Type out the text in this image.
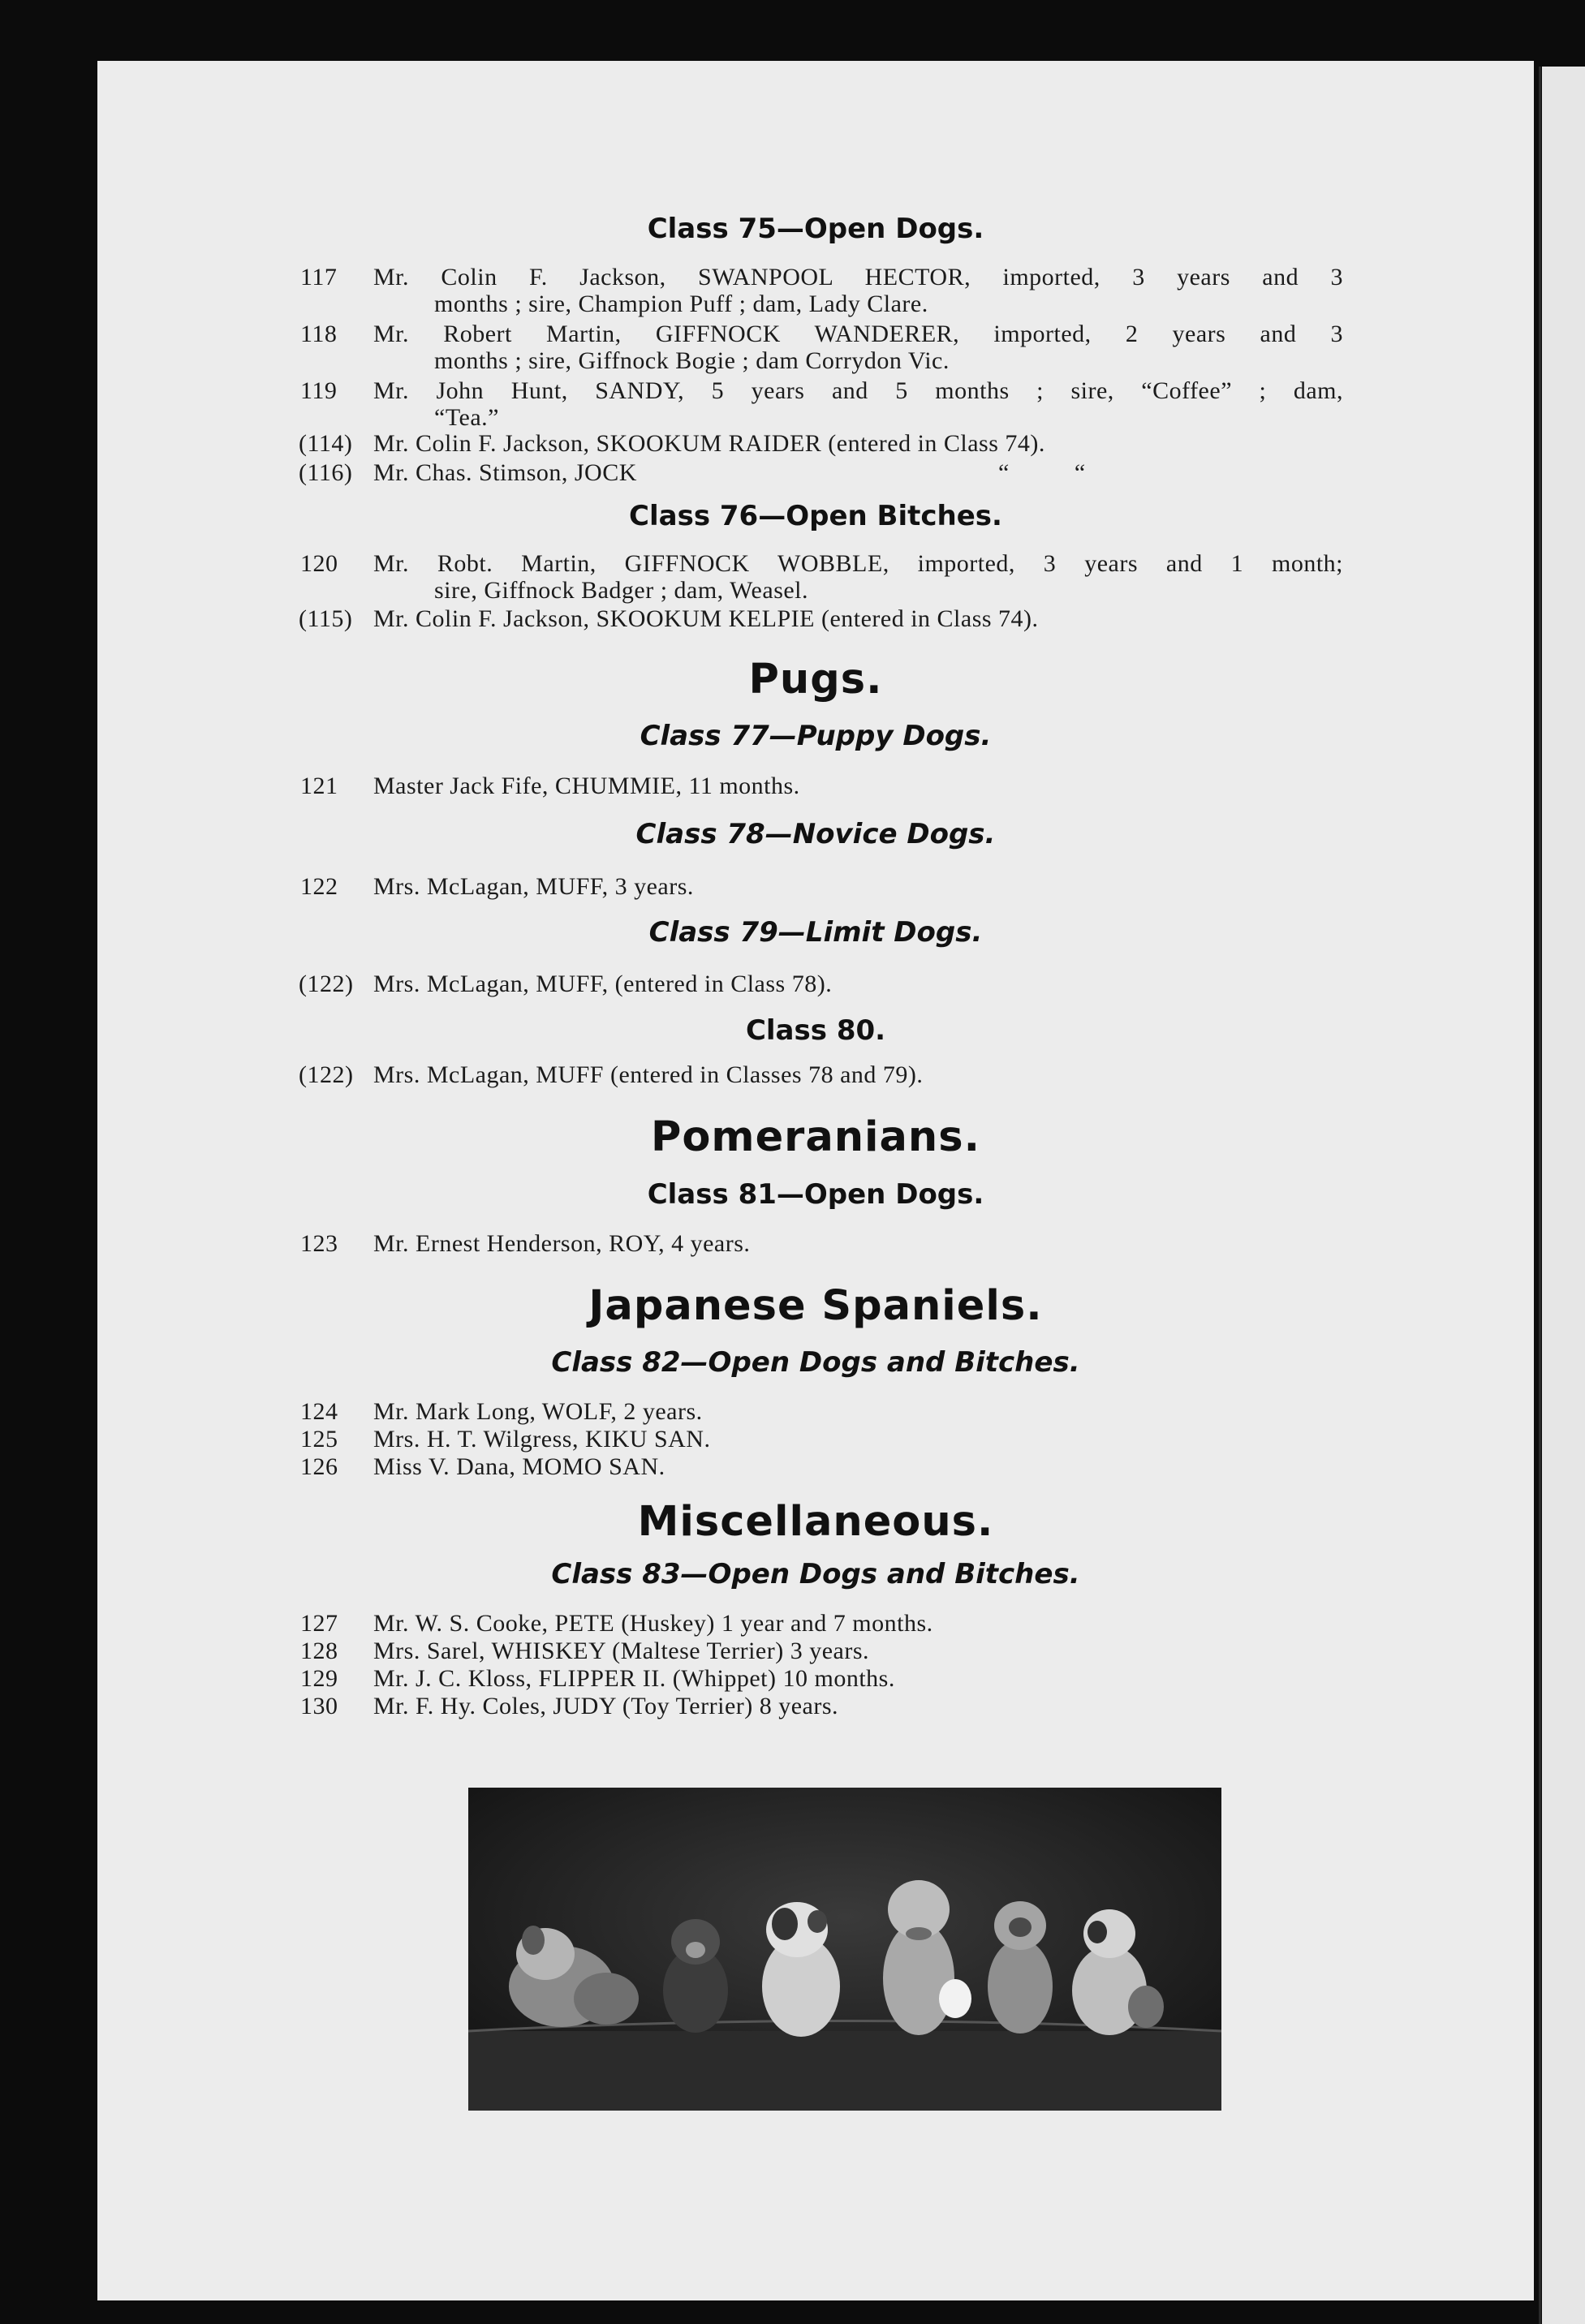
Class 75—Open Dogs.
117 Mr. Colin F. Jackson, SWANPOOL HECTOR, imported, 3 years and 3
months ; sire, Champion Puff ; dam, Lady Clare.
118 Mr. Robert Martin, GIFFNOCK WANDERER, imported, 2 years and 3
months ; sire, Giffnock Bogie ; dam Corrydon Vic.
119 Mr. John Hunt, SANDY, 5 years and 5 months ; sire, “Coffee” ; dam,
“Tea.”
(114) Mr. Colin F. Jackson, SKOOKUM RAIDER (entered in Class 74).
(116) Mr. Chas. Stimson, JOCK	“          “
Class 76—Open Bitches.
120 Mr. Robt. Martin, GIFFNOCK WOBBLE, imported, 3 years and 1 month;
sire, Giffnock Badger ; dam, Weasel.
(115) Mr. Colin F. Jackson, SKOOKUM KELPIE (entered in Class 74).
Pugs.
Class 77—Puppy Dogs.
121 Master Jack Fife, CHUMMIE, 11 months.
Class 78—Novice Dogs.
122 Mrs. McLagan, MUFF, 3 years.
Class 79—Limit Dogs.
(122) Mrs. McLagan, MUFF, (entered in Class 78).
Class 80.
(122) Mrs. McLagan, MUFF (entered in Classes 78 and 79).
Pomeranians.
Class 81—Open Dogs.
123 Mr. Ernest Henderson, ROY, 4 years.
Japanese Spaniels.
Class 82—Open Dogs and Bitches.
124 Mr. Mark Long, WOLF, 2 years.
125 Mrs. H. T. Wilgress, KIKU SAN.
126 Miss V. Dana, MOMO SAN.
Miscellaneous.
Class 83—Open Dogs and Bitches.
127 Mr. W. S. Cooke, PETE (Huskey) 1 year and 7 months.
128 Mrs. Sarel, WHISKEY (Maltese Terrier) 3 years.
129 Mr. J. C. Kloss, FLIPPER II. (Whippet) 10 months.
130 Mr. F. Hy. Coles, JUDY (Toy Terrier) 8 years.
